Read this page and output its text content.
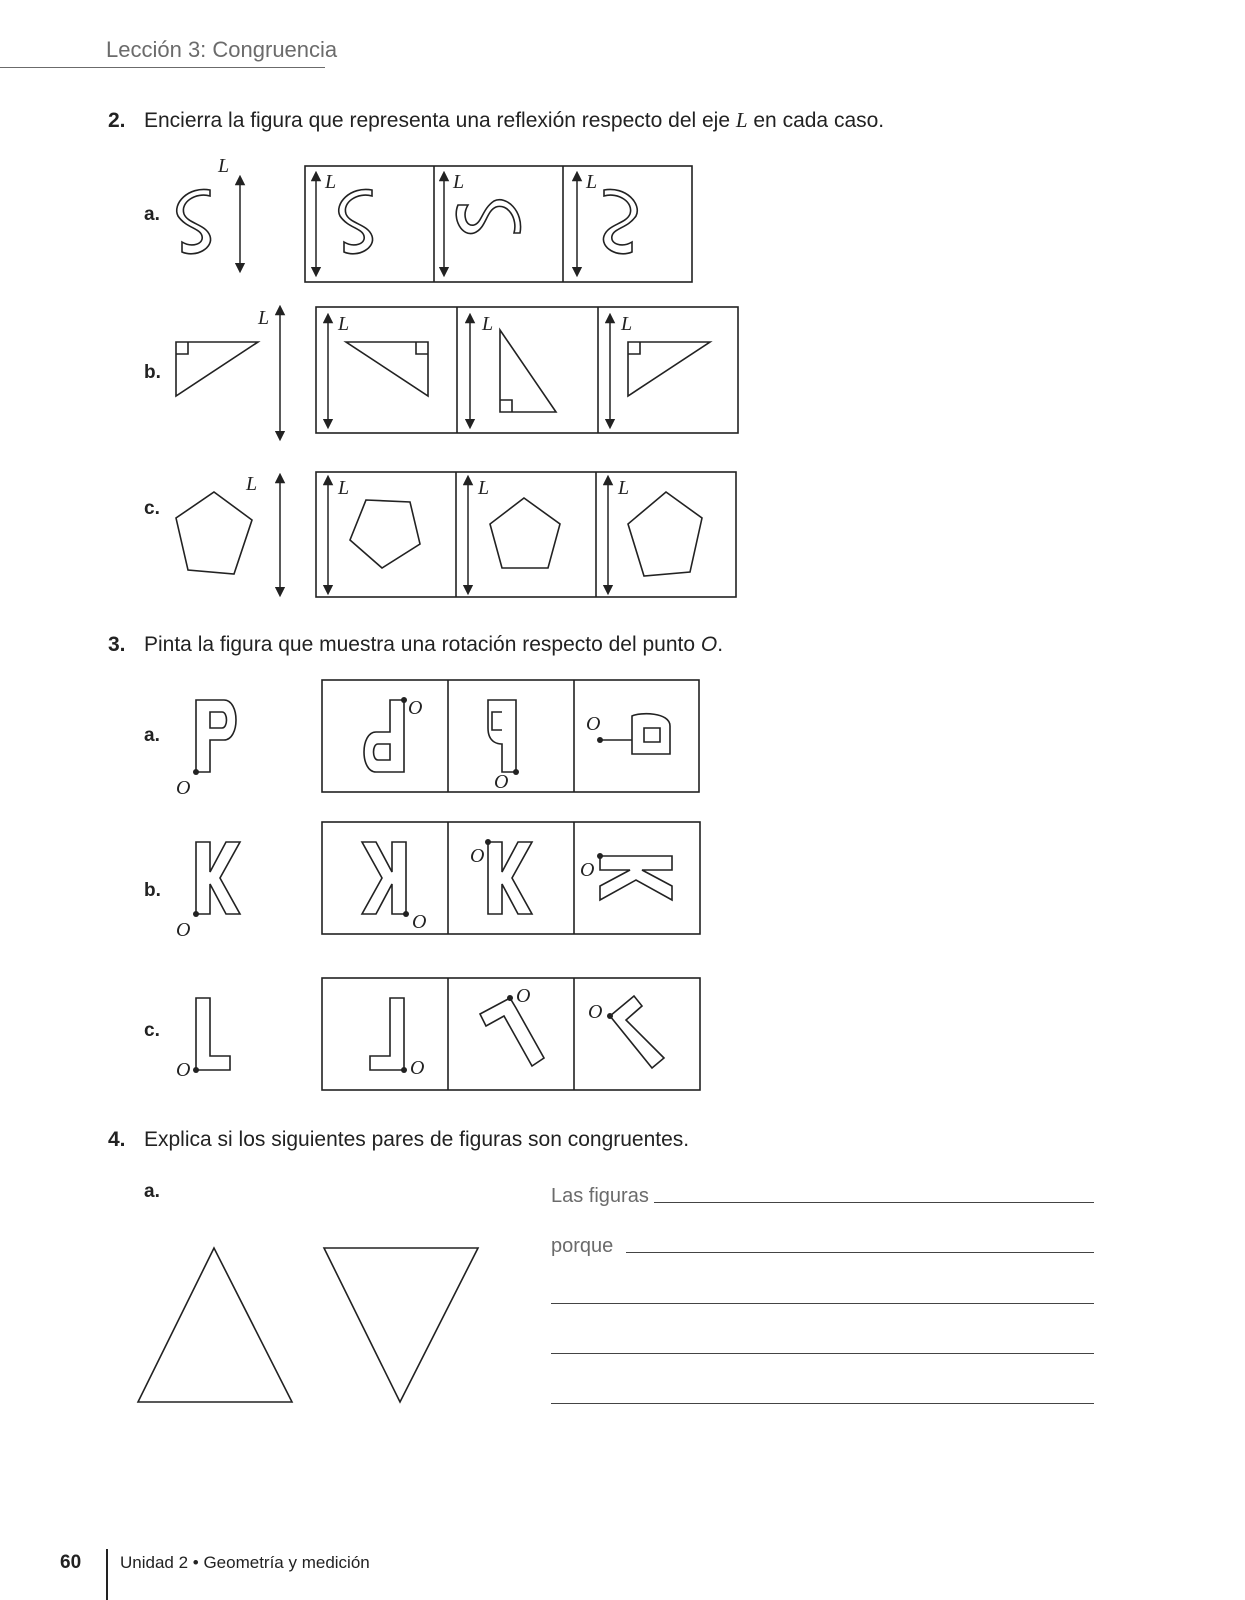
Lección 3: Congruencia
2. Encierra la figura que representa una reflexión respecto del eje L en cada caso.
a.
b.
c.
L
L	L	L
L	L	L	L
L	L	L	L
3. Pinta la figura que muestra una rotación respecto del punto O.
a.
b.
c.
O
O
O
O
O	O
O
O
O	O
O
O
4. Explica si los siguientes pares de figuras son congruentes.
a.	Las figuras
porque
60 Unidad 2 • Geometría y medición
